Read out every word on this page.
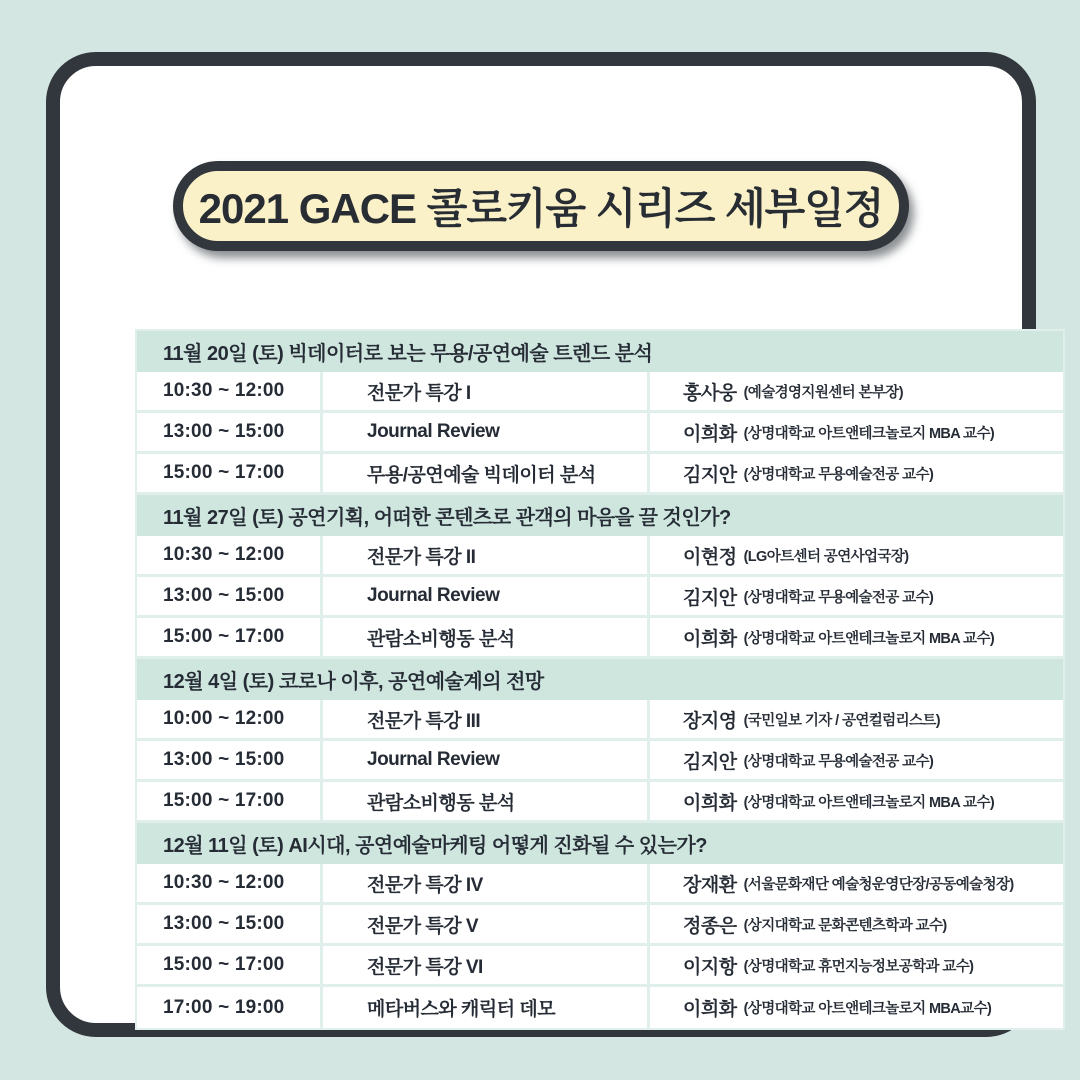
2021 GACE 콜로키움 시리즈 세부일정
11월 20일 (토) 빅데이터로 보는 무용/공연예술 트렌드 분석
10:30 ~ 12:00	전문가 특강 I	홍사웅 (예술경영지원센터 본부장)
13:00 ~ 15:00	Journal Review	이희화 (상명대학교 아트앤테크놀로지 MBA 교수)
15:00 ~ 17:00	무용/공연예술 빅데이터 분석	김지안 (상명대학교 무용예술전공 교수)
11월 27일 (토) 공연기획, 어떠한 콘텐츠로 관객의 마음을 끌 것인가?
10:30 ~ 12:00	전문가 특강 II	이현정 (LG아트센터 공연사업국장)
13:00 ~ 15:00	Journal Review	김지안 (상명대학교 무용예술전공 교수)
15:00 ~ 17:00	관람소비행동 분석	이희화 (상명대학교 아트앤테크놀로지 MBA 교수)
12월 4일 (토) 코로나 이후, 공연예술계의 전망
10:00 ~ 12:00	전문가 특강 III	장지영 (국민일보 기자 / 공연컬럼리스트)
13:00 ~ 15:00	Journal Review	김지안 (상명대학교 무용예술전공 교수)
15:00 ~ 17:00	관람소비행동 분석	이희화 (상명대학교 아트앤테크놀로지 MBA 교수)
12월 11일 (토) AI시대, 공연예술마케팅 어떻게 진화될 수 있는가?
10:30 ~ 12:00	전문가 특강 IV	장재환 (서울문화재단 예술청운영단장/공동예술청장)
13:00 ~ 15:00	전문가 특강 V	정종은 (상지대학교 문화콘텐츠학과 교수)
15:00 ~ 17:00	전문가 특강 VI	이지항 (상명대학교 휴먼지능정보공학과 교수)
17:00 ~ 19:00	메타버스와 캐릭터 데모	이희화 (상명대학교 아트앤테크놀로지 MBA교수)
